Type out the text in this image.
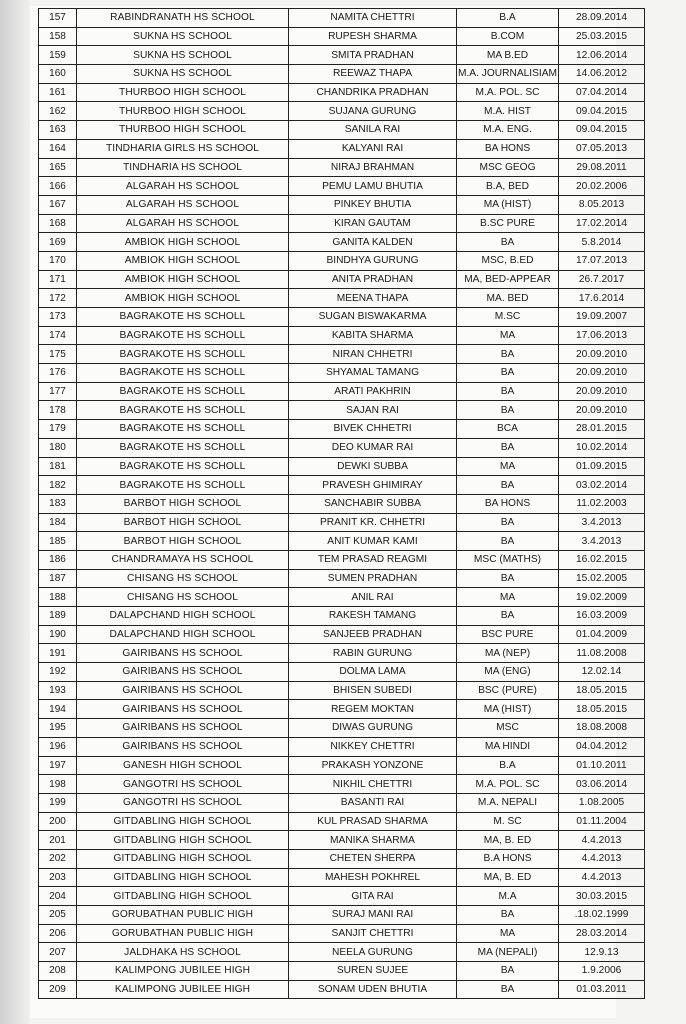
157	RABINDRANATH HS SCHOOL	NAMITA CHETTRI	B.A	28.09.2014
158	SUKNA HS SCHOOL	RUPESH SHARMA	B.COM	25.03.2015
159	SUKNA HS SCHOOL	SMITA PRADHAN	MA B.ED	12.06.2014
160	SUKNA HS SCHOOL	REEWAZ THAPA	M.A. JOURNALISIAM	14.06.2012
161	THURBOO HIGH SCHOOL	CHANDRIKA PRADHAN	M.A. POL. SC	07.04.2014
162	THURBOO HIGH SCHOOL	SUJANA GURUNG	M.A. HIST	09.04.2015
163	THURBOO HIGH SCHOOL	SANILA RAI	M.A. ENG.	09.04.2015
164	TINDHARIA GIRLS HS SCHOOL	KALYANI RAI	BA HONS	07.05.2013
165	TINDHARIA HS SCHOOL	NIRAJ BRAHMAN	MSC GEOG	29.08.2011
166	ALGARAH HS SCHOOL	PEMU LAMU BHUTIA	B.A, BED	20.02.2006
167	ALGARAH HS SCHOOL	PINKEY BHUTIA	MA (HIST)	8.05.2013
168	ALGARAH HS SCHOOL	KIRAN GAUTAM	B.SC PURE	17.02.2014
169	AMBIOK HIGH SCHOOL	GANITA KALDEN	BA	5.8.2014
170	AMBIOK HIGH SCHOOL	BINDHYA GURUNG	MSC, B.ED	17.07.2013
171	AMBIOK HIGH SCHOOL	ANITA PRADHAN	MA, BED-APPEAR	26.7.2017
172	AMBIOK HIGH SCHOOL	MEENA THAPA	MA. BED	17.6.2014
173	BAGRAKOTE HS SCHOLL	SUGAN BISWAKARMA	M.SC	19.09.2007
174	BAGRAKOTE HS SCHOLL	KABITA SHARMA	MA	17.06.2013
175	BAGRAKOTE HS SCHOLL	NIRAN CHHETRI	BA	20.09.2010
176	BAGRAKOTE HS SCHOLL	SHYAMAL TAMANG	BA	20.09.2010
177	BAGRAKOTE HS SCHOLL	ARATI PAKHRIN	BA	20.09.2010
178	BAGRAKOTE HS SCHOLL	SAJAN RAI	BA	20.09.2010
179	BAGRAKOTE HS SCHOLL	BIVEK CHHETRI	BCA	28.01.2015
180	BAGRAKOTE HS SCHOLL	DEO KUMAR RAI	BA	10.02.2014
181	BAGRAKOTE HS SCHOLL	DEWKI SUBBA	MA	01.09.2015
182	BAGRAKOTE HS SCHOLL	PRAVESH GHIMIRAY	BA	03.02.2014
183	BARBOT HIGH SCHOOL	SANCHABIR SUBBA	BA HONS	11.02.2003
184	BARBOT HIGH SCHOOL	PRANIT KR. CHHETRI	BA	3.4.2013
185	BARBOT HIGH SCHOOL	ANIT KUMAR KAMI	BA	3.4.2013
186	CHANDRAMAYA HS SCHOOL	TEM PRASAD REAGMI	MSC (MATHS)	16.02.2015
187	CHISANG HS SCHOOL	SUMEN PRADHAN	BA	15.02.2005
188	CHISANG HS SCHOOL	ANIL RAI	MA	19.02.2009
189	DALAPCHAND HIGH SCHOOL	RAKESH TAMANG	BA	16.03.2009
190	DALAPCHAND HIGH SCHOOL	SANJEEB PRADHAN	BSC PURE	01.04.2009
191	GAIRIBANS HS SCHOOL	RABIN GURUNG	MA (NEP)	11.08.2008
192	GAIRIBANS HS SCHOOL	DOLMA LAMA	MA (ENG)	12.02.14
193	GAIRIBANS HS SCHOOL	BHISEN SUBEDI	BSC (PURE)	18.05.2015
194	GAIRIBANS HS SCHOOL	REGEM MOKTAN	MA (HIST)	18.05.2015
195	GAIRIBANS HS SCHOOL	DIWAS GURUNG	MSC	18.08.2008
196	GAIRIBANS HS SCHOOL	NIKKEY CHETTRI	MA HINDI	04.04.2012
197	GANESH HIGH SCHOOL	PRAKASH YONZONE	B.A	01.10.2011
198	GANGOTRI HS SCHOOL	NIKHIL CHETTRI	M.A. POL. SC	03.06.2014
199	GANGOTRI HS SCHOOL	BASANTI RAI	M.A. NEPALI	1.08.2005
200	GITDABLING HIGH SCHOOL	KUL PRASAD SHARMA	M. SC	01.11.2004
201	GITDABLING HIGH SCHOOL	MANIKA SHARMA	MA, B. ED	4.4.2013
202	GITDABLING HIGH SCHOOL	CHETEN SHERPA	B.A HONS	4.4.2013
203	GITDABLING HIGH SCHOOL	MAHESH POKHREL	MA, B. ED	4.4.2013
204	GITDABLING HIGH SCHOOL	GITA RAI	M.A	30.03.2015
205	GORUBATHAN PUBLIC HIGH	SURAJ MANI RAI	BA	.18.02.1999
206	GORUBATHAN PUBLIC HIGH	SANJIT CHETTRI	MA	28.03.2014
207	JALDHAKA HS SCHOOL	NEELA GURUNG	MA (NEPALI)	12.9.13
208	KALIMPONG JUBILEE HIGH	SUREN SUJEE	BA	1.9.2006
209	KALIMPONG JUBILEE HIGH	SONAM UDEN BHUTIA	BA	01.03.2011
